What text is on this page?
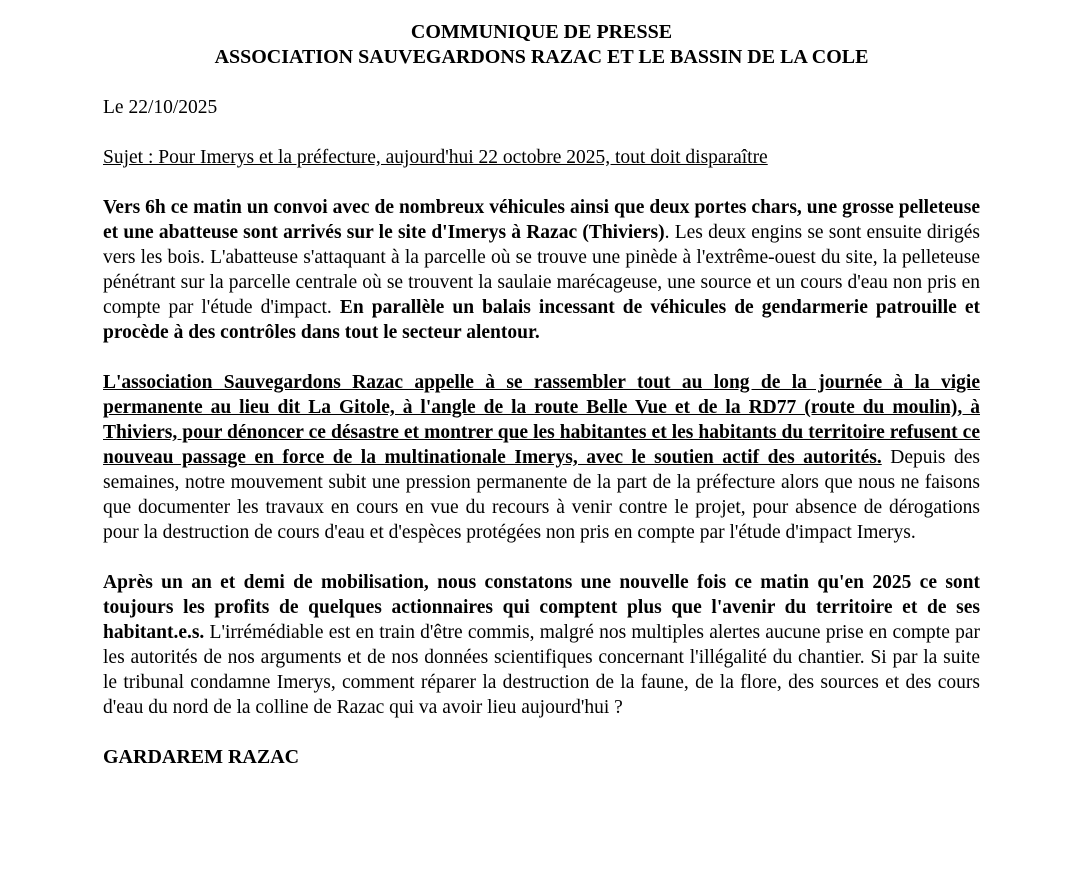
COMMUNIQUE DE PRESSE
ASSOCIATION SAUVEGARDONS RAZAC ET LE BASSIN DE LA COLE
Le 22/10/2025
Sujet : Pour Imerys et la préfecture, aujourd'hui 22 octobre 2025, tout doit disparaître

Vers 6h ce matin un convoi avec de nombreux véhicules ainsi que deux portes chars, une grosse pelleteuse et une abatteuse sont arrivés sur le site d'Imerys à Razac (Thiviers). Les deux engins se sont ensuite dirigés vers les bois. L'abatteuse s'attaquant à la parcelle où se trouve une pinède à l'extrême-ouest du site, la pelleteuse pénétrant sur la parcelle centrale où se trouvent la saulaie marécageuse, une source et un cours d'eau non pris en compte par l'étude d'impact. En parallèle un balais incessant de véhicules de gendarmerie patrouille et procède à des contrôles dans tout le secteur alentour.

L'association Sauvegardons Razac appelle à se rassembler tout au long de la journée à la vigie permanente au lieu dit La Gitole, à l'angle de la route Belle Vue et de la RD77 (route du moulin), à Thiviers, pour dénoncer ce désastre et montrer que les habitantes et les habitants du territoire refusent ce nouveau passage en force de la multinationale Imerys, avec le soutien actif des autorités. Depuis des semaines, notre mouvement subit une pression permanente de la part de la préfecture alors que nous ne faisons que documenter les travaux en cours en vue du recours à venir contre le projet, pour absence de dérogations pour la destruction de cours d'eau et d'espèces protégées non pris en compte par l'étude d'impact Imerys.

Après un an et demi de mobilisation, nous constatons une nouvelle fois ce matin qu'en 2025 ce sont toujours les profits de quelques actionnaires qui comptent plus que l'avenir du territoire et de ses habitant.e.s. L'irrémédiable est en train d'être commis, malgré nos multiples alertes aucune prise en compte par les autorités de nos arguments et de nos données scientifiques concernant l'illégalité du chantier. Si par la suite le tribunal condamne Imerys, comment réparer la destruction de la faune, de la flore, des sources et des cours d'eau du nord de la colline de Razac qui va avoir lieu aujourd'hui ?

GARDAREM RAZAC
